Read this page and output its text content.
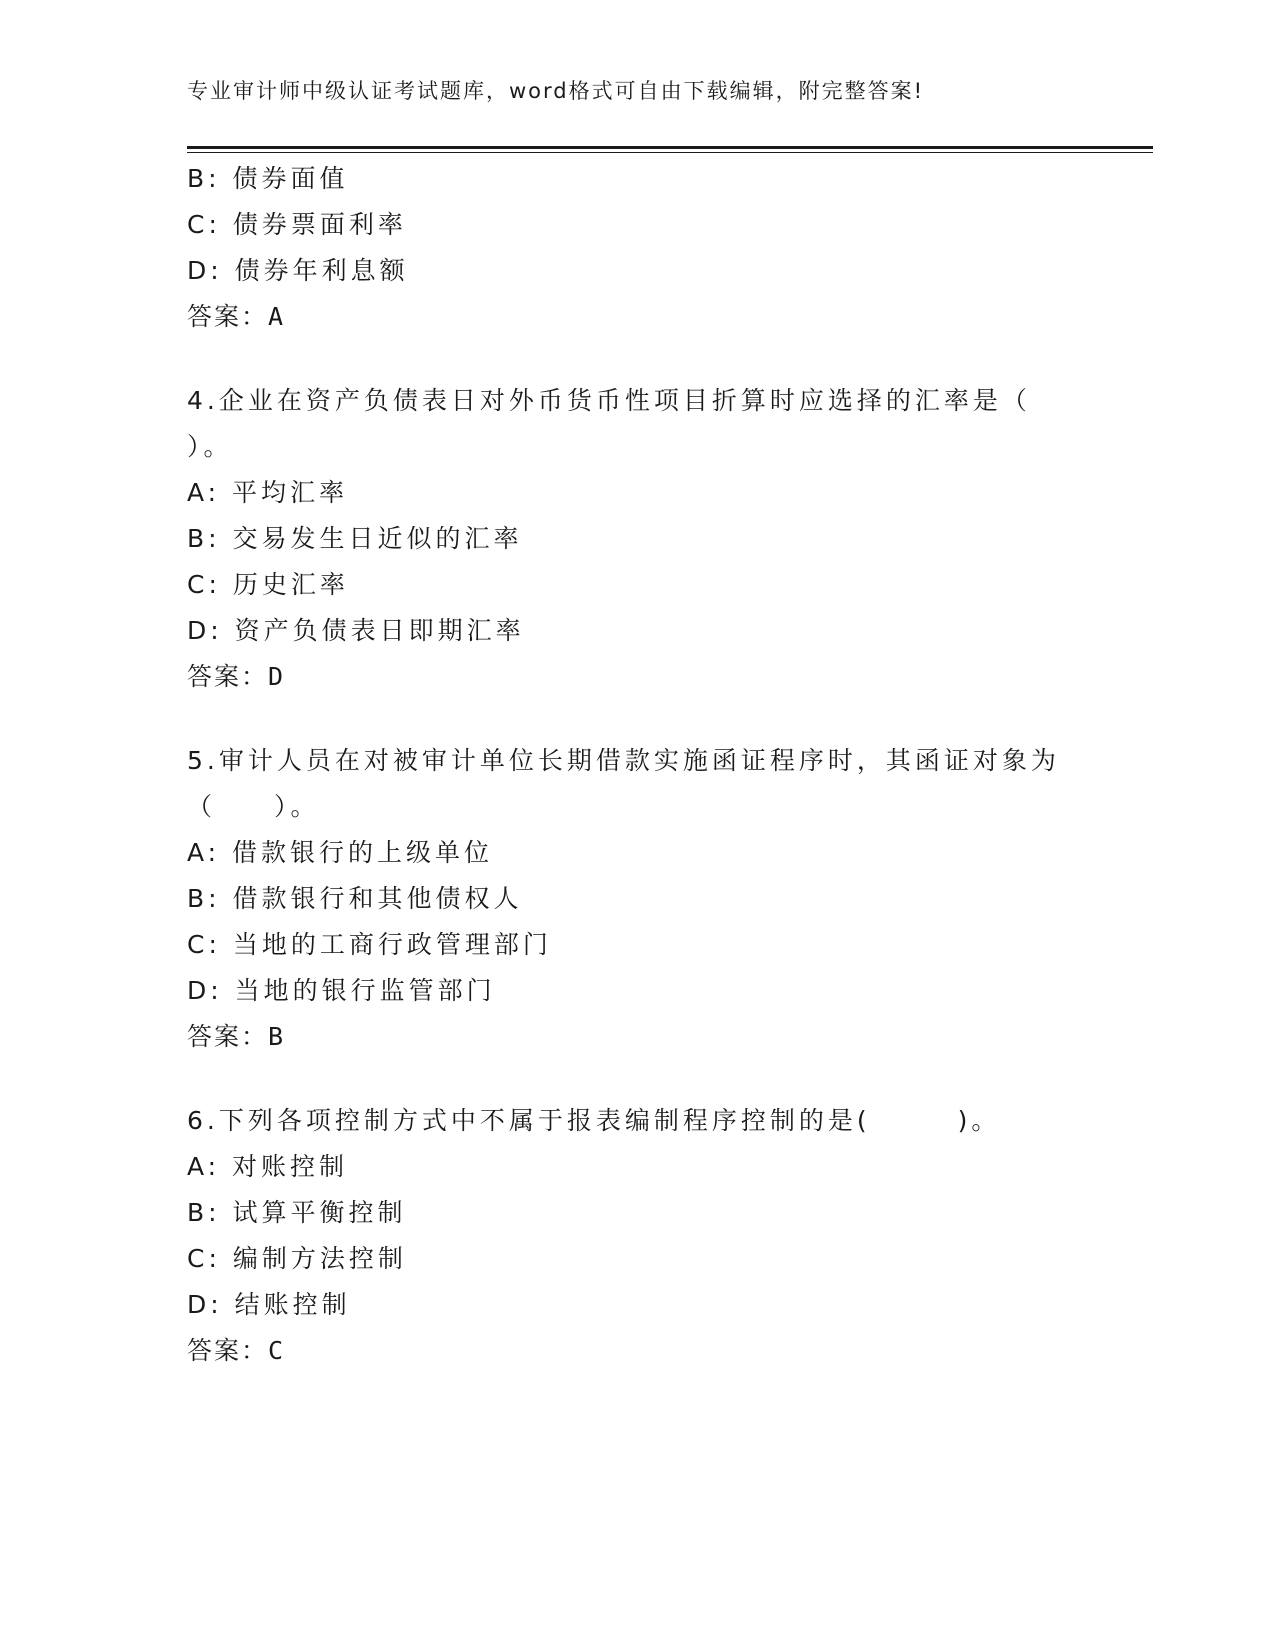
专业审计师中级认证考试题库，word格式可自由下载编辑，附完整答案!
B: 债券面值
C: 债券票面利率
D: 债券年利息额
答案：A
4.企业在资产负债表日对外币货币性项目折算时应选择的汇率是（
）。
A: 平均汇率
B: 交易发生日近似的汇率
C: 历史汇率
D: 资产负债表日即期汇率
答案：D
5.审计人员在对被审计单位长期借款实施函证程序时，其函证对象为
（　　）。
A: 借款银行的上级单位
B: 借款银行和其他债权人
C: 当地的工商行政管理部门
D: 当地的银行监管部门
答案：B
6.下列各项控制方式中不属于报表编制程序控制的是(　　　)。
A: 对账控制
B: 试算平衡控制
C: 编制方法控制
D: 结账控制
答案：C
